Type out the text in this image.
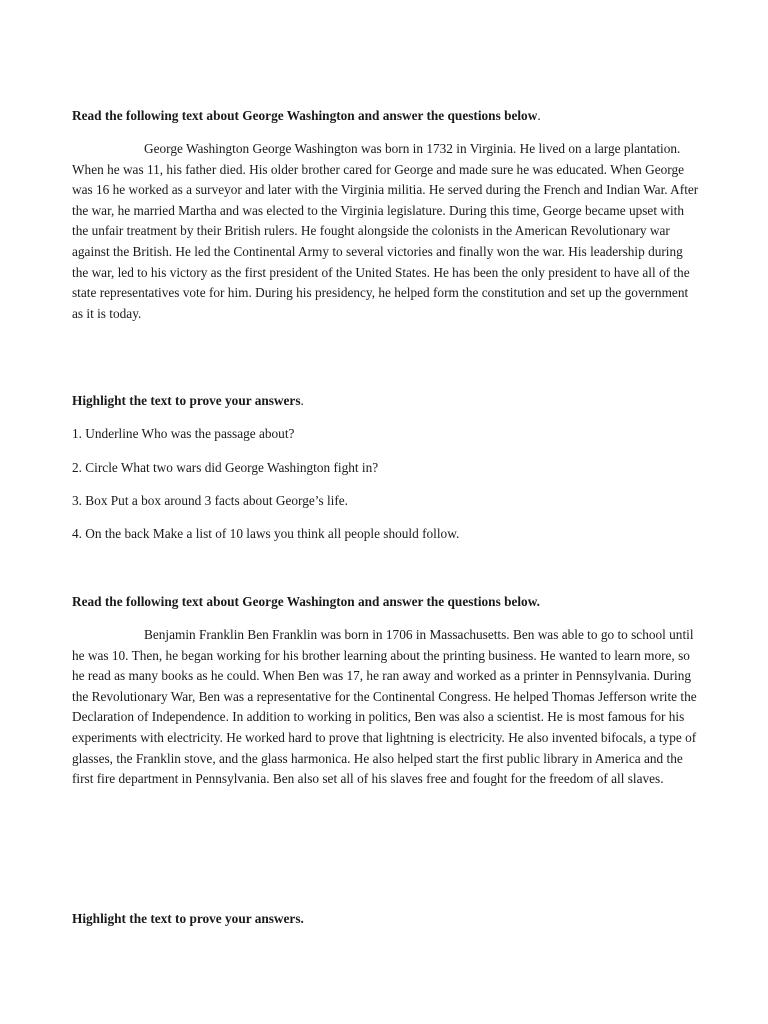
Read the following text about George Washington and answer the questions below.
George Washington George Washington was born in 1732 in Virginia. He lived on a large plantation. When he was 11, his father died. His older brother cared for George and made sure he was educated. When George was 16 he worked as a surveyor and later with the Virginia militia. He served during the French and Indian War. After the war, he married Martha and was elected to the Virginia legislature. During this time, George became upset with the unfair treatment by their British rulers. He fought alongside the colonists in the American Revolutionary war against the British. He led the Continental Army to several victories and finally won the war. His leadership during the war, led to his victory as the first president of the United States. He has been the only president to have all of the state representatives vote for him. During his presidency, he helped form the constitution and set up the government as it is today.
Highlight the text to prove your answers.
1. Underline Who was the passage about?
2. Circle What two wars did George Washington fight in?
3. Box Put a box around 3 facts about George’s life.
4. On the back Make a list of 10 laws you think all people should follow.
Read the following text about George Washington and answer the questions below.
Benjamin Franklin Ben Franklin was born in 1706 in Massachusetts. Ben was able to go to school until he was 10. Then, he began working for his brother learning about the printing business. He wanted to learn more, so he read as many books as he could. When Ben was 17, he ran away and worked as a printer in Pennsylvania. During the Revolutionary War, Ben was a representative for the Continental Congress. He helped Thomas Jefferson write the Declaration of Independence. In addition to working in politics, Ben was also a scientist. He is most famous for his experiments with electricity. He worked hard to prove that lightning is electricity. He also invented bifocals, a type of glasses, the Franklin stove, and the glass harmonica. He also helped start the first public library in America and the first fire department in Pennsylvania. Ben also set all of his slaves free and fought for the freedom of all slaves.
Highlight the text to prove your answers.
